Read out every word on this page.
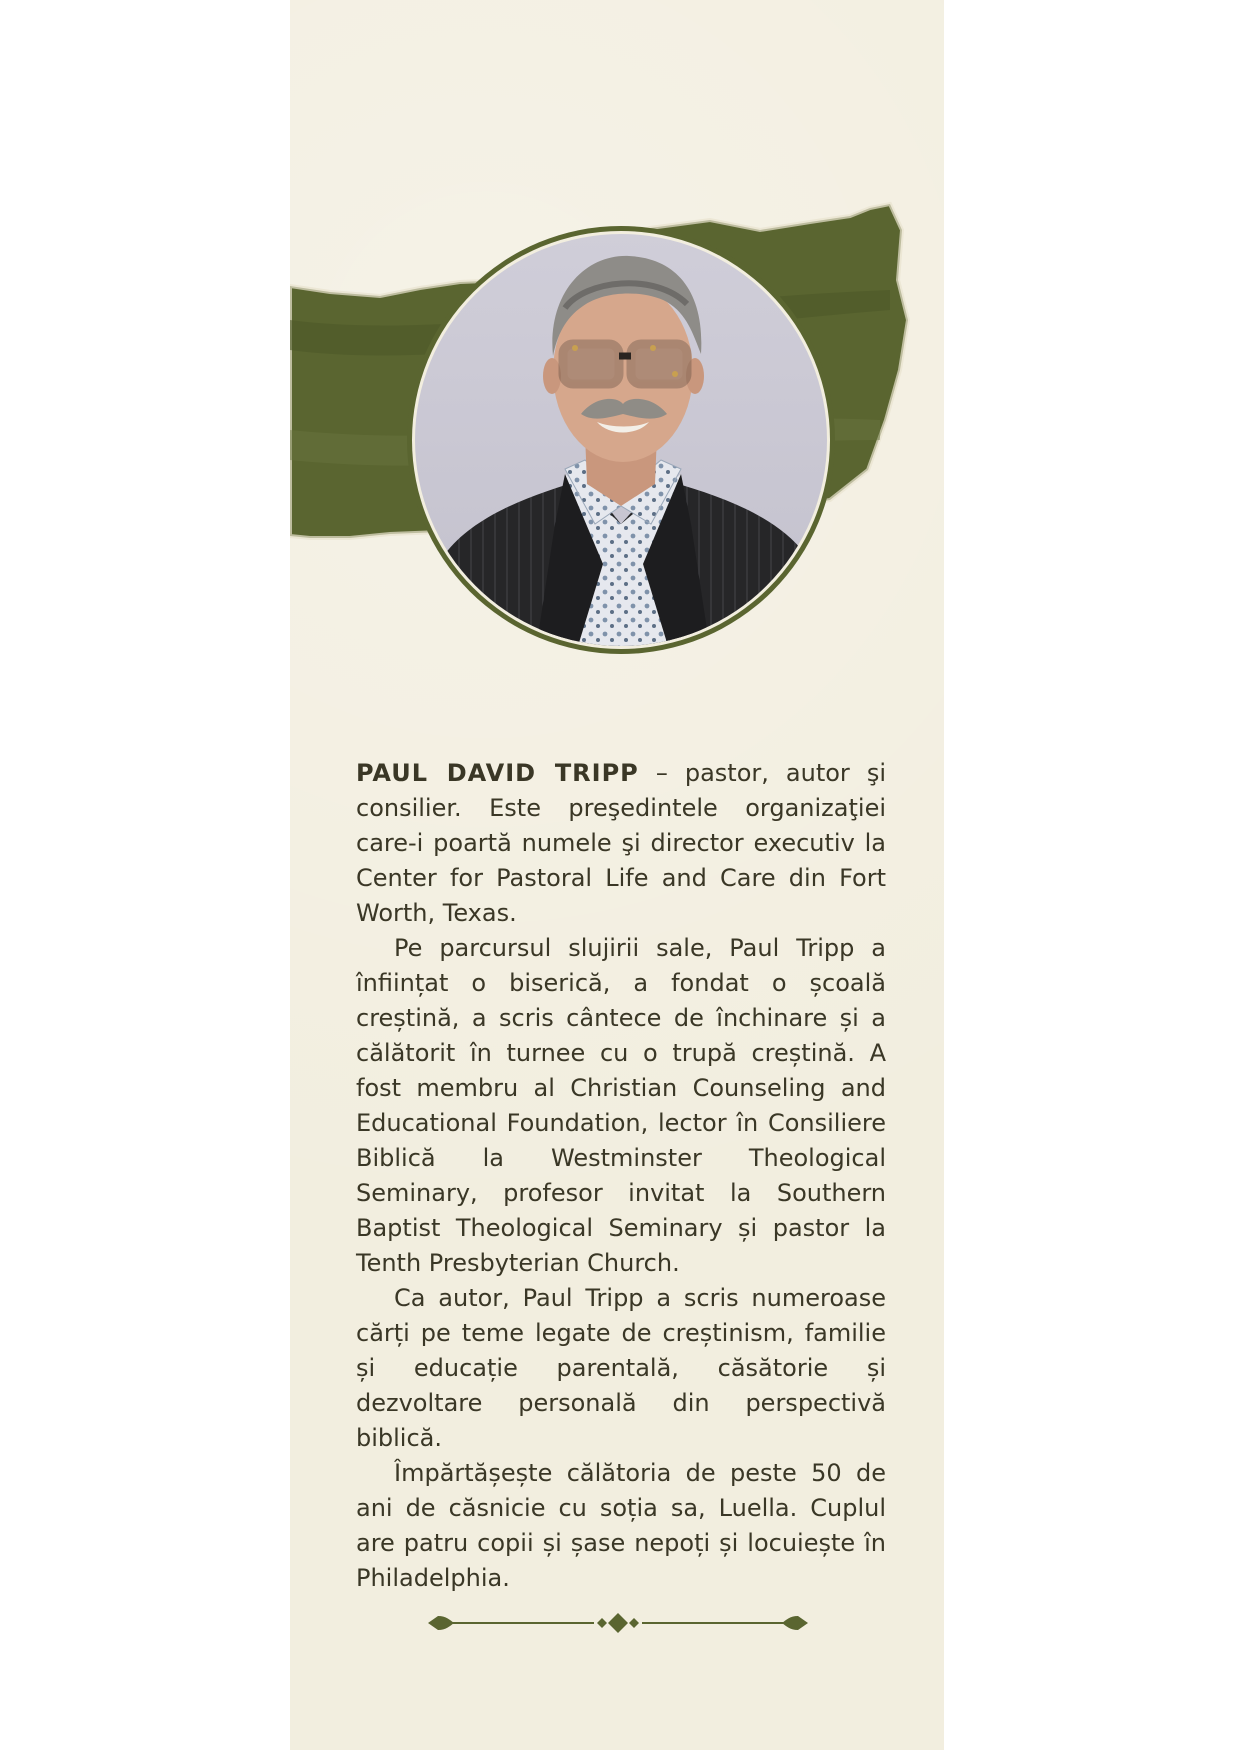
PAUL DAVID TRIPP – pastor, autor şi consilier. Este preşedintele organizaţiei care-i poartă numele şi director executiv la Center for Pastoral Life and Care din Fort Worth, Texas.

Pe parcursul slujirii sale, Paul Tripp a înființat o biserică, a fondat o școală creștină, a scris cântece de închinare și a călătorit în turnee cu o trupă creștină. A fost membru al Christian Counseling and Educational Foundation, lector în Consiliere Biblică la Westminster Theological Seminary, profesor invitat la Southern Baptist Theological Seminary și pastor la Tenth Presbyterian Church.

Ca autor, Paul Tripp a scris numeroase cărți pe teme legate de creștinism, familie și educație parentală, căsătorie și dezvoltare personală din perspectivă biblică.

Împărtășește călătoria de peste 50 de ani de căsnicie cu soția sa, Luella. Cuplul are patru copii și șase nepoți și locuiește în Philadelphia.
